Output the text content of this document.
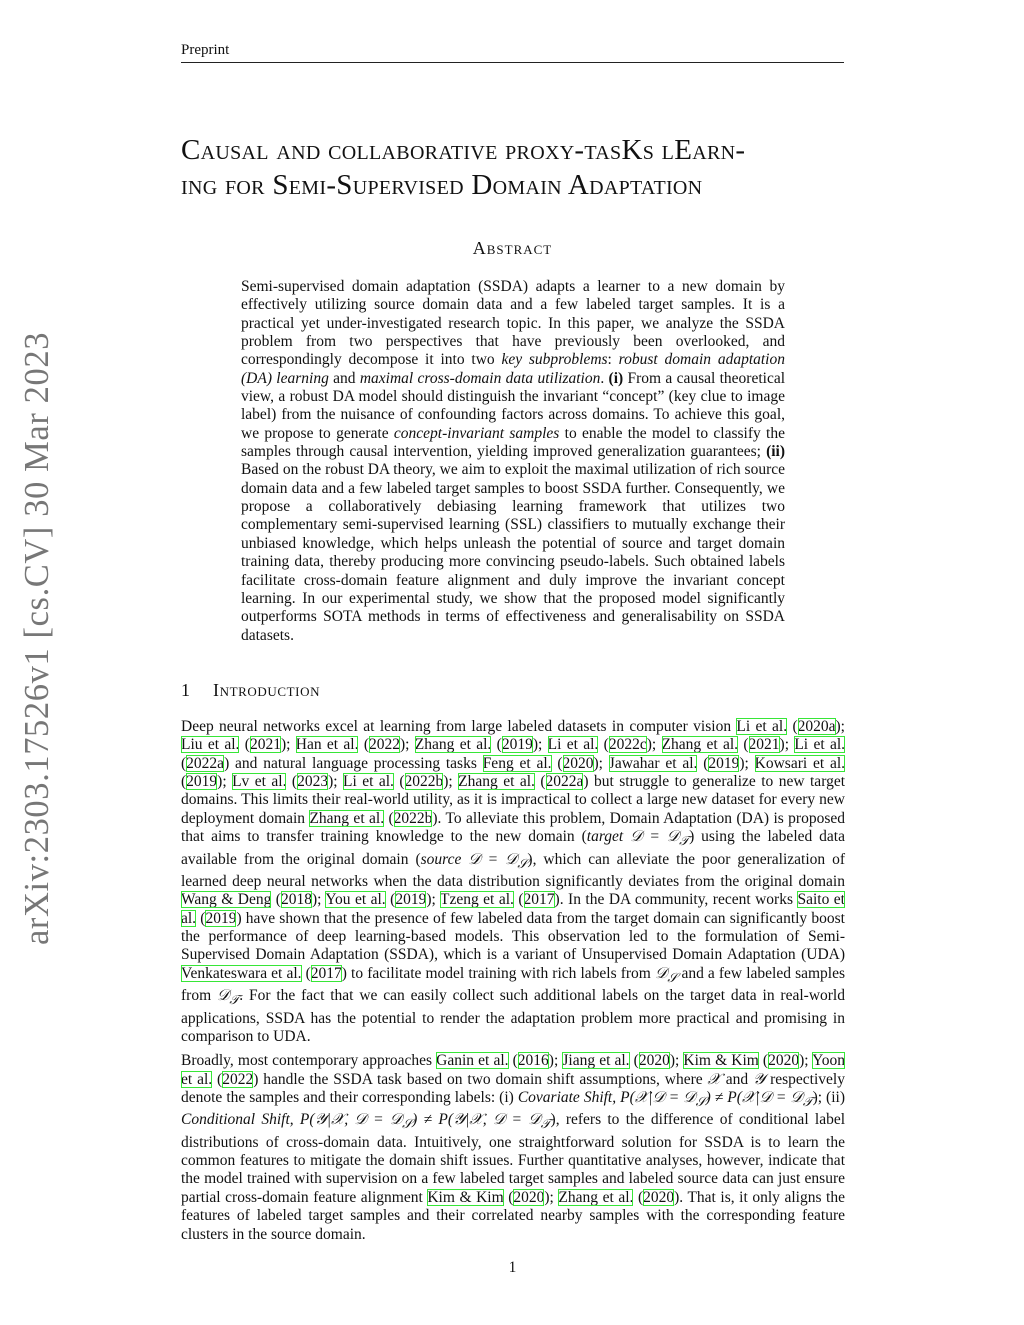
Preprint
arXiv:2303.17526v1 [cs.CV] 30 Mar 2023
Causal and collaborative proxy-tasKs lEarn-
ing for Semi-Supervised Domain Adaptation
Abstract

Semi-supervised domain adaptation (SSDA) adapts a learner to a new domain by effectively utilizing source domain data and a few labeled target samples. It is a practical yet under-investigated research topic. In this paper, we analyze the SSDA problem from two perspectives that have previously been overlooked, and correspondingly decompose it into two key subproblems: robust domain adaptation (DA) learning and maximal cross-domain data utilization. (i) From a causal theoretical view, a robust DA model should distinguish the invariant “concept” (key clue to image label) from the nuisance of confounding factors across domains. To achieve this goal, we propose to generate concept-invariant samples to enable the model to classify the samples through causal intervention, yielding improved generalization guarantees; (ii) Based on the robust DA theory, we aim to exploit the maximal utilization of rich source domain data and a few labeled target samples to boost SSDA further. Consequently, we propose a collaboratively debiasing learning framework that utilizes two complementary semi-supervised learning (SSL) classifiers to mutually exchange their unbiased knowledge, which helps unleash the potential of source and target domain training data, thereby producing more convincing pseudo-labels. Such obtained labels facilitate cross-domain feature alignment and duly improve the invariant concept learning. In our experimental study, we show that the proposed model significantly outperforms SOTA methods in terms of effectiveness and generalisability on SSDA datasets.

1 Introduction

Deep neural networks excel at learning from large labeled datasets in computer vision Li et al. (2020a); Liu et al. (2021); Han et al. (2022); Zhang et al. (2019); Li et al. (2022c); Zhang et al. (2021); Li et al. (2022a) and natural language processing tasks Feng et al. (2020); Jawahar et al. (2019); Kowsari et al. (2019); Lv et al. (2023); Li et al. (2022b); Zhang et al. (2022a) but struggle to generalize to new target domains. This limits their real-world utility, as it is impractical to collect a large new dataset for every new deployment domain Zhang et al. (2022b). To alleviate this problem, Domain Adaptation (DA) is proposed that aims to transfer training knowledge to the new domain (target 𝒟 = 𝒟$_𝒯$) using the labeled data available from the original domain (source 𝒟 = 𝒟$_𝒮$), which can alleviate the poor generalization of learned deep neural networks when the data distribution significantly deviates from the original domain Wang & Deng (2018); You et al. (2019); Tzeng et al. (2017). In the DA community, recent works Saito et al. (2019) have shown that the presence of few labeled data from the target domain can significantly boost the performance of deep learning-based models. This observation led to the formulation of Semi-Supervised Domain Adaptation (SSDA), which is a variant of Unsupervised Domain Adaptation (UDA) Venkateswara et al. (2017) to facilitate model training with rich labels from 𝒟$_𝒮$ and a few labeled samples from 𝒟$_𝒯$. For the fact that we can easily collect such additional labels on the target data in real-world applications, SSDA has the potential to render the adaptation problem more practical and promising in comparison to UDA.

Broadly, most contemporary approaches Ganin et al. (2016); Jiang et al. (2020); Kim & Kim (2020); Yoon et al. (2022) handle the SSDA task based on two domain shift assumptions, where 𝒳 and 𝒴 respectively denote the samples and their corresponding labels: (i) Covariate Shift, P(𝒳|𝒟 = 𝒟$_𝒮$) ≠ P(𝒳|𝒟 = 𝒟$_𝒯$); (ii) Conditional Shift, P(𝒴|𝒳, 𝒟 = 𝒟$_𝒮$) ≠ P(𝒴|𝒳, 𝒟 = 𝒟$_𝒯$), refers to the difference of conditional label distributions of cross-domain data. Intuitively, one straightforward solution for SSDA is to learn the common features to mitigate the domain shift issues. Further quantitative analyses, however, indicate that the model trained with supervision on a few labeled target samples and labeled source data can just ensure partial cross-domain feature alignment Kim & Kim (2020); Zhang et al. (2020). That is, it only aligns the features of labeled target samples and their correlated nearby samples with the corresponding feature clusters in the source domain.

1
